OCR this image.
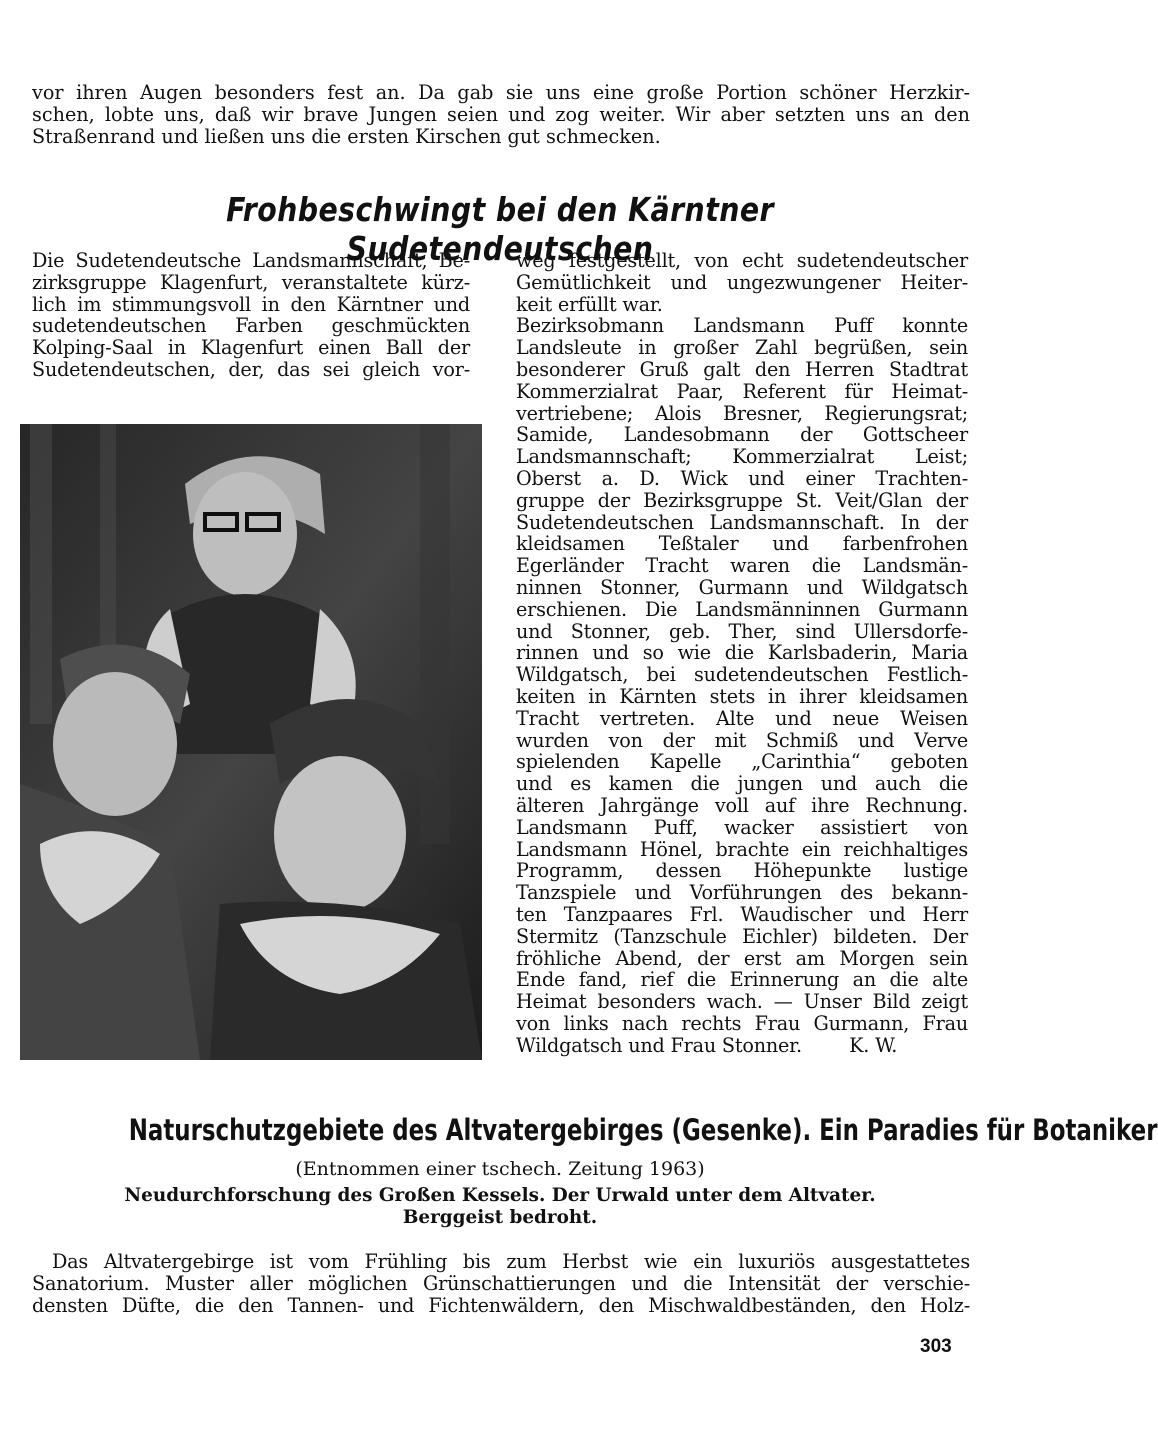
vor ihren Augen besonders fest an. Da gab sie uns eine große Portion schöner Herzkir-
schen, lobte uns, daß wir brave Jungen seien und zog weiter. Wir aber setzten uns an den
Straßenrand und ließen uns die ersten Kirschen gut schmecken.
Frohbeschwingt bei den Kärntner Sudetendeutschen
Die Sudetendeutsche Landsmannschaft, Be-
zirksgruppe Klagenfurt, veranstaltete kürz-
lich im stimmungsvoll in den Kärntner und
sudetendeutschen Farben geschmückten
Kolping-Saal in Klagenfurt einen Ball der
Sudetendeutschen, der, das sei gleich vor-
weg festgestellt, von echt sudetendeutscher
Gemütlichkeit und ungezwungener Heiter-
keit erfüllt war.
Bezirksobmann Landsmann Puff konnte
Landsleute in großer Zahl begrüßen, sein
besonderer Gruß galt den Herren Stadtrat
Kommerzialrat Paar, Referent für Heimat-
vertriebene; Alois Bresner, Regierungsrat;
Samide, Landesobmann der Gottscheer
Landsmannschaft; Kommerzialrat Leist;
Oberst a. D. Wick und einer Trachten-
gruppe der Bezirksgruppe St. Veit/Glan der
Sudetendeutschen Landsmannschaft. In der
kleidsamen Teßtaler und farbenfrohen
Egerländer Tracht waren die Landsmän-
ninnen Stonner, Gurmann und Wildgatsch
erschienen. Die Landsmänninnen Gurmann
und Stonner, geb. Ther, sind Ullersdorfe-
rinnen und so wie die Karlsbaderin, Maria
Wildgatsch, bei sudetendeutschen Festlich-
keiten in Kärnten stets in ihrer kleidsamen
Tracht vertreten. Alte und neue Weisen
wurden von der mit Schmiß und Verve
spielenden Kapelle „Carinthia“ geboten
und es kamen die jungen und auch die
älteren Jahrgänge voll auf ihre Rechnung.
Landsmann Puff, wacker assistiert von
Landsmann Hönel, brachte ein reichhaltiges
Programm, dessen Höhepunkte lustige
Tanzspiele und Vorführungen des bekann-
ten Tanzpaares Frl. Waudischer und Herr
Stermitz (Tanzschule Eichler) bildeten. Der
fröhliche Abend, der erst am Morgen sein
Ende fand, rief die Erinnerung an die alte
Heimat besonders wach. — Unser Bild zeigt
von links nach rechts Frau Gurmann, Frau
Wildgatsch und Frau Stonner.        K. W.
Naturschutzgebiete des Altvatergebirges (Gesenke). Ein Paradies für Botaniker
(Entnommen einer tschech. Zeitung 1963)
Neudurchforschung des Großen Kessels. Der Urwald unter dem Altvater.
Berggeist bedroht.
Das Altvatergebirge ist vom Frühling bis zum Herbst wie ein luxuriös ausgestattetes
Sanatorium. Muster aller möglichen Grünschattierungen und die Intensität der verschie-
densten Düfte, die den Tannen- und Fichtenwäldern, den Mischwaldbeständen, den Holz-
303
